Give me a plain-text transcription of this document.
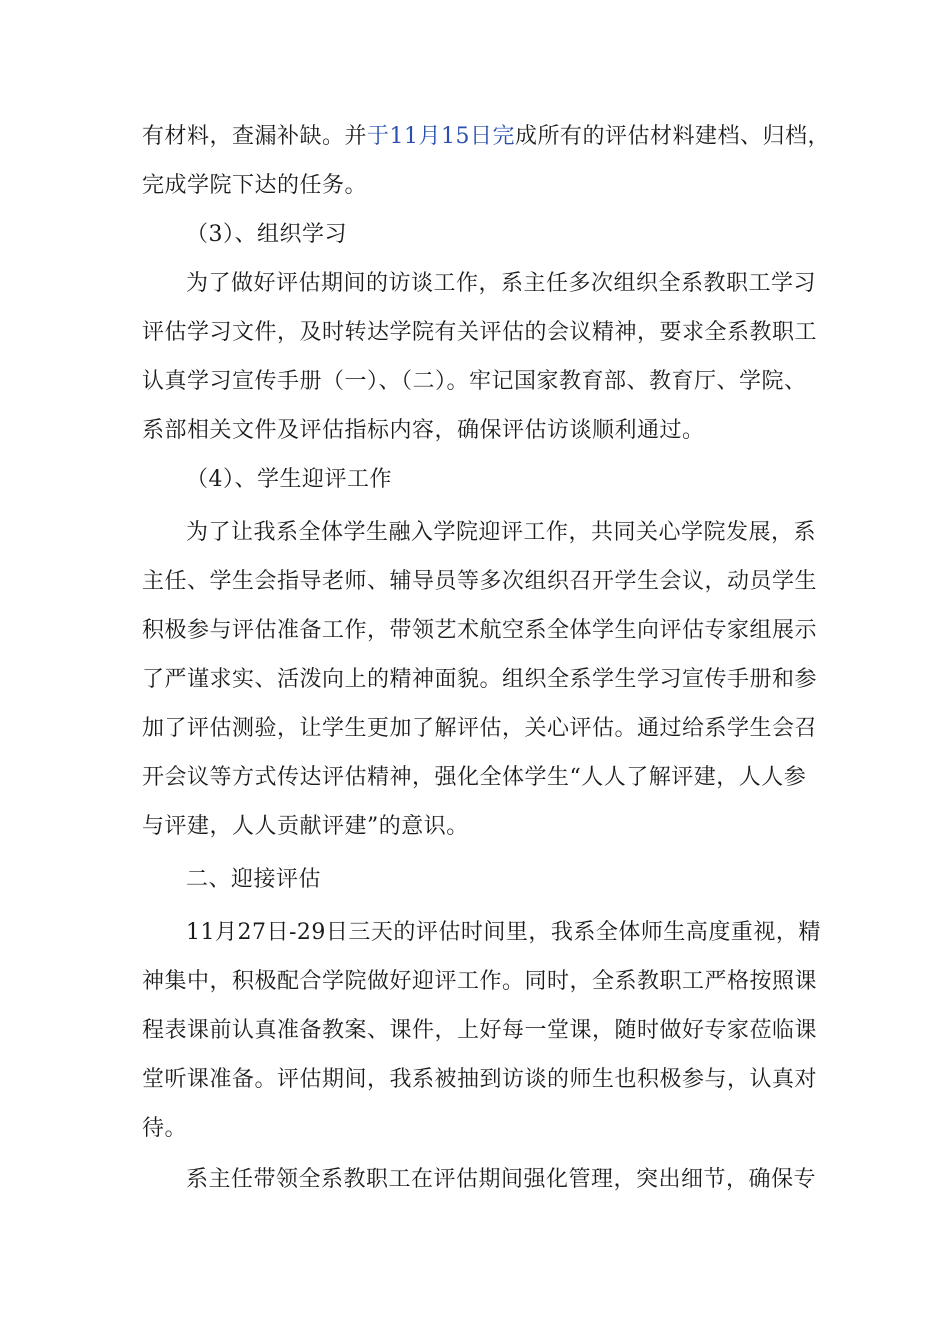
有材料，查漏补缺。并于11月15日完成所有的评估材料建档、归档，
完成学院下达的任务。
（3）、组织学习
为了做好评估期间的访谈工作，系主任多次组织全系教职工学习
评估学习文件，及时转达学院有关评估的会议精神，要求全系教职工
认真学习宣传手册（一）、（二）。牢记国家教育部、教育厅、学院、
系部相关文件及评估指标内容，确保评估访谈顺利通过。
（4）、学生迎评工作
为了让我系全体学生融入学院迎评工作，共同关心学院发展，系
主任、学生会指导老师、辅导员等多次组织召开学生会议，动员学生
积极参与评估准备工作，带领艺术航空系全体学生向评估专家组展示
了严谨求实、活泼向上的精神面貌。组织全系学生学习宣传手册和参
加了评估测验，让学生更加了解评估，关心评估。通过给系学生会召
开会议等方式传达评估精神，强化全体学生“人人了解评建，人人参
与评建，人人贡献评建”的意识。
二、迎接评估
11月27日-29日三天的评估时间里，我系全体师生高度重视，精
神集中，积极配合学院做好迎评工作。同时，全系教职工严格按照课
程表课前认真准备教案、课件，上好每一堂课，随时做好专家莅临课
堂听课准备。评估期间，我系被抽到访谈的师生也积极参与，认真对
待。
系主任带领全系教职工在评估期间强化管理，突出细节，确保专
